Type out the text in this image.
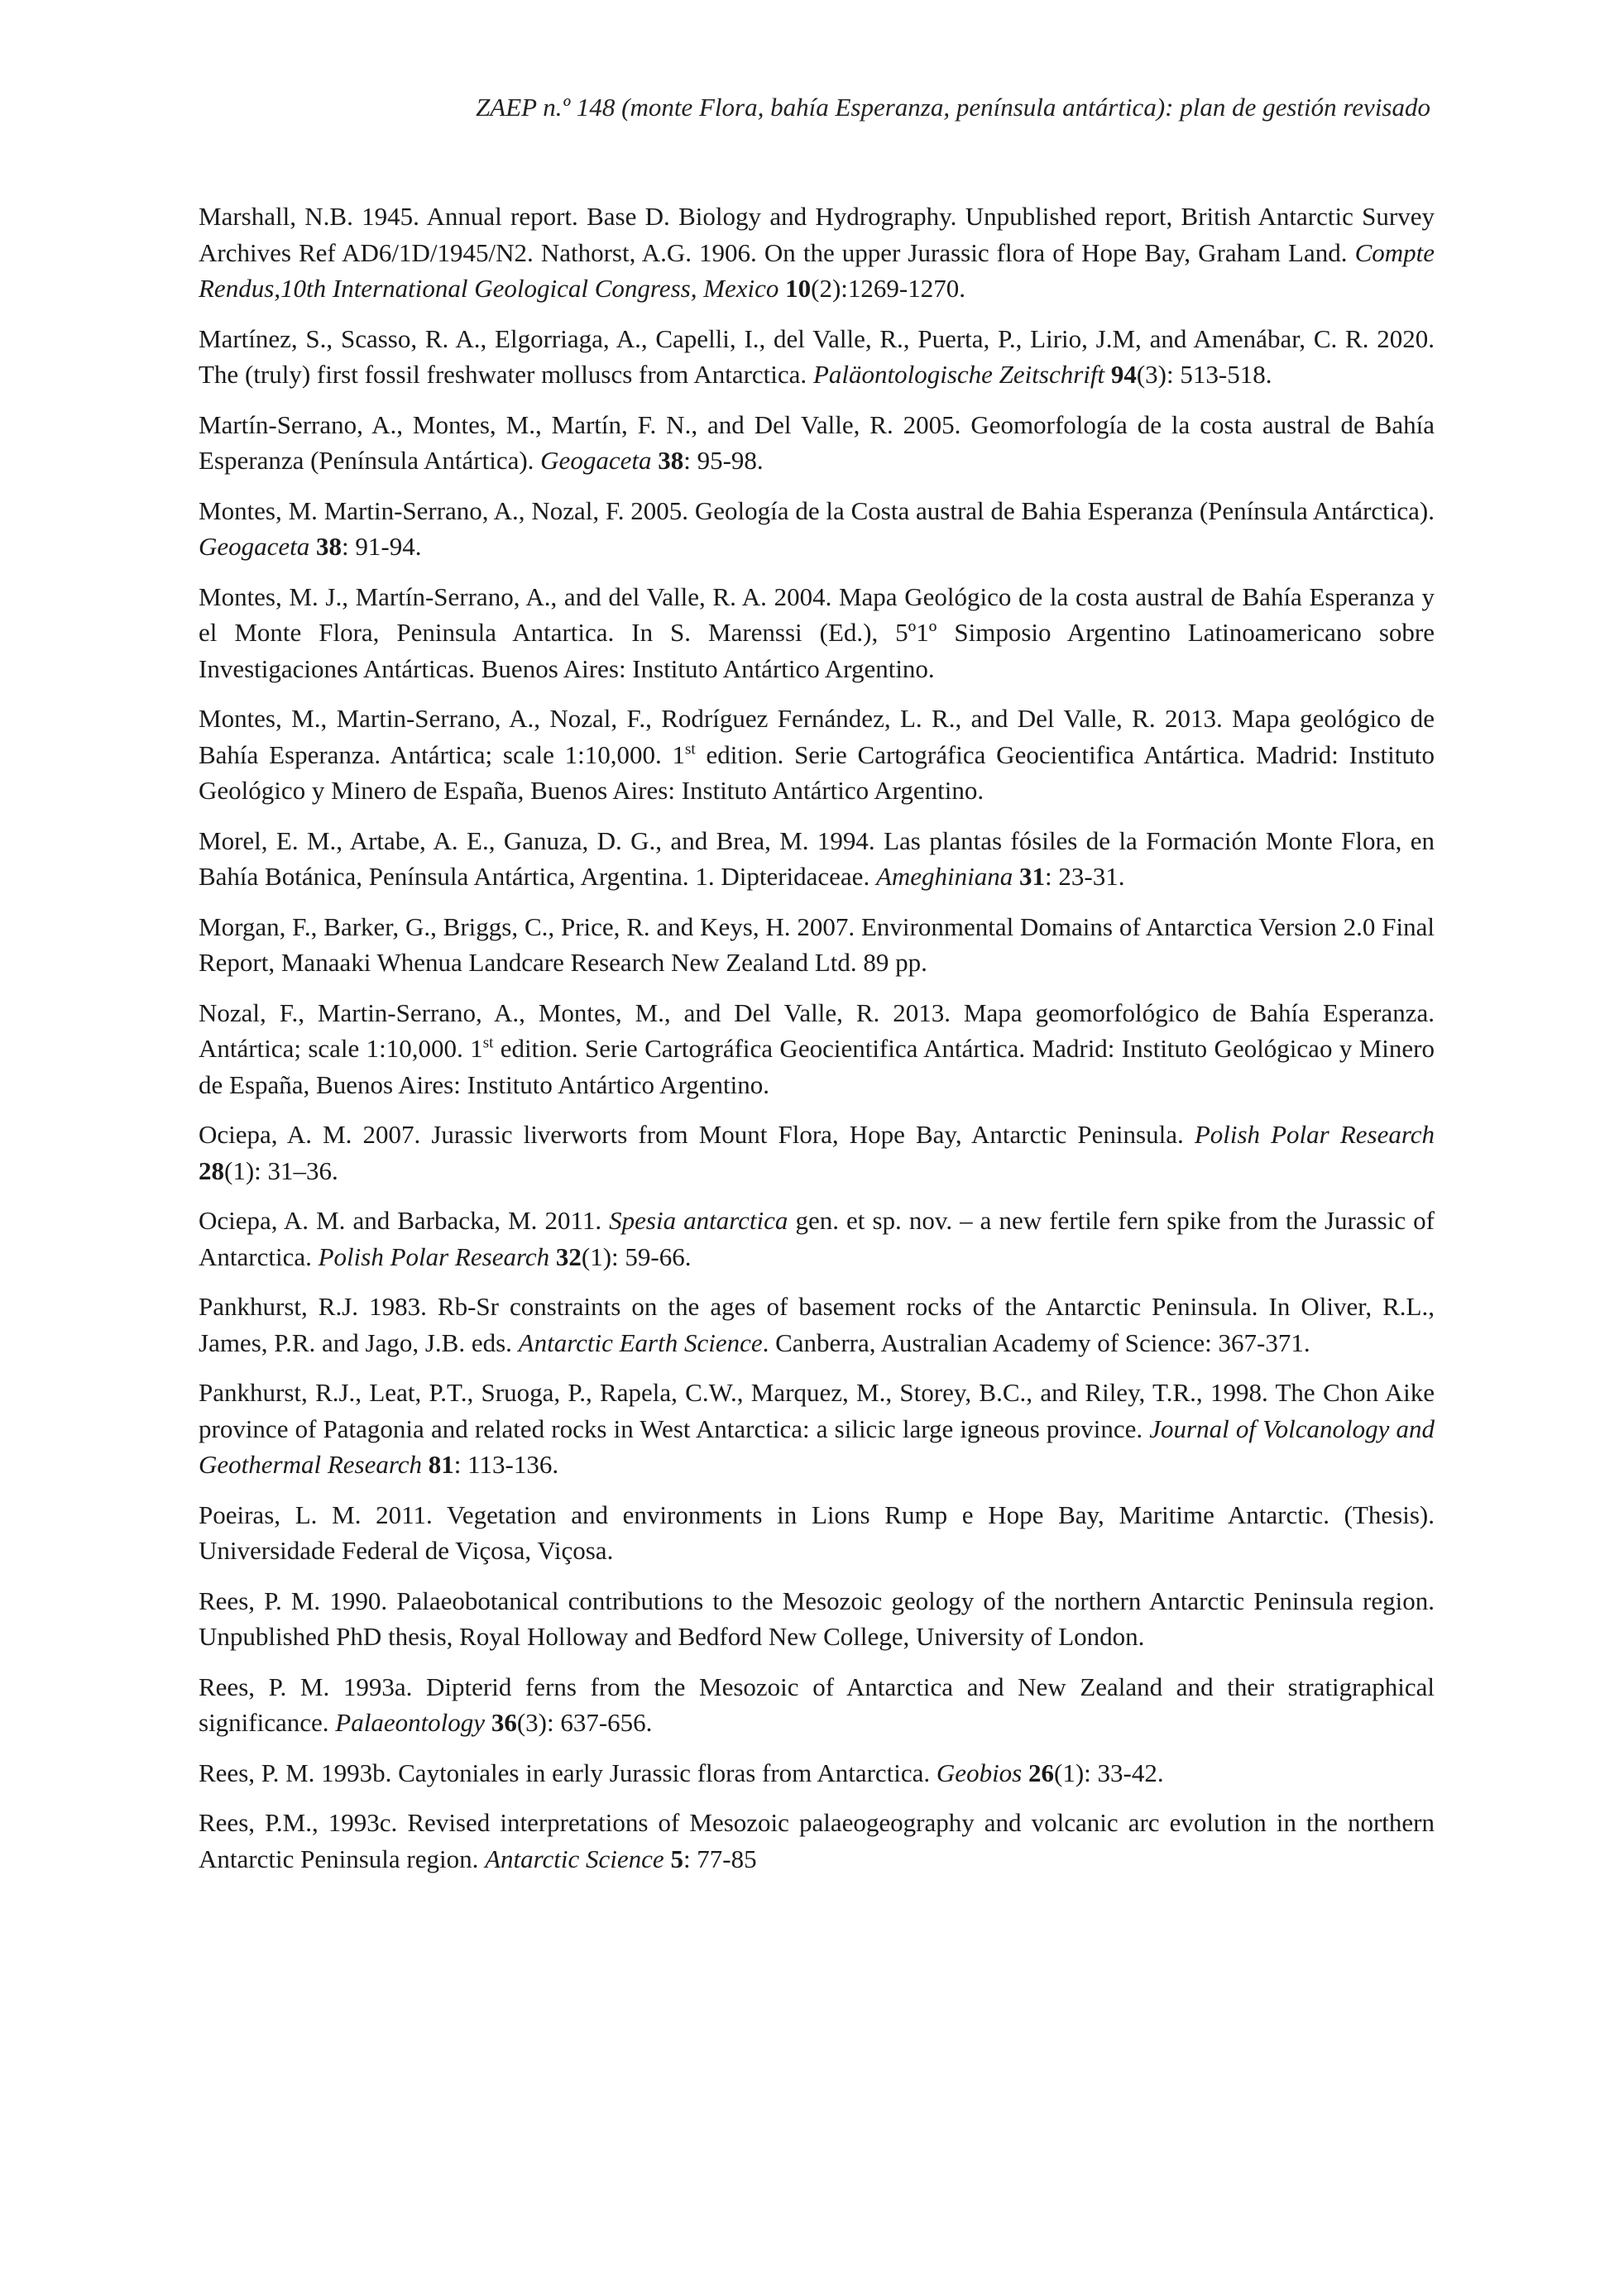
ZAEP n.º 148 (monte Flora, bahía Esperanza, península antártica): plan de gestión revisado

Marshall, N.B. 1945. Annual report. Base D. Biology and Hydrography. Unpublished report, British Antarctic Survey Archives Ref AD6/1D/1945/N2. Nathorst, A.G. 1906. On the upper Jurassic flora of Hope Bay, Graham Land. Compte Rendus,10th International Geological Congress, Mexico 10(2):1269-1270.

Martínez, S., Scasso, R. A., Elgorriaga, A., Capelli, I., del Valle, R., Puerta, P., Lirio, J.M, and Amenábar, C. R. 2020. The (truly) first fossil freshwater molluscs from Antarctica. Paläontologische Zeitschrift 94(3): 513-518.

Martín-Serrano, A., Montes, M., Martín, F. N., and Del Valle, R. 2005. Geomorfología de la costa austral de Bahía Esperanza (Península Antártica). Geogaceta 38: 95-98.

Montes, M. Martin-Serrano, A., Nozal, F. 2005. Geología de la Costa austral de Bahia Esperanza (Península Antárctica). Geogaceta 38: 91-94.

Montes, M. J., Martín-Serrano, A., and del Valle, R. A. 2004. Mapa Geológico de la costa austral de Bahía Esperanza y el Monte Flora, Peninsula Antartica. In S. Marenssi (Ed.), 5º1º Simposio Argentino Latinoamericano sobre Investigaciones Antárticas. Buenos Aires: Instituto Antártico Argentino.

Montes, M., Martin-Serrano, A., Nozal, F., Rodríguez Fernández, L. R., and Del Valle, R. 2013. Mapa geológico de Bahía Esperanza. Antártica; scale 1:10,000. 1st edition. Serie Cartográfica Geocientifica Antártica. Madrid: Instituto Geológico y Minero de España, Buenos Aires: Instituto Antártico Argentino.

Morel, E. M., Artabe, A. E., Ganuza, D. G., and Brea, M. 1994. Las plantas fósiles de la Formación Monte Flora, en Bahía Botánica, Península Antártica, Argentina. 1. Dipteridaceae. Ameghiniana 31: 23-31.

Morgan, F., Barker, G., Briggs, C., Price, R. and Keys, H. 2007. Environmental Domains of Antarctica Version 2.0 Final Report, Manaaki Whenua Landcare Research New Zealand Ltd. 89 pp.

Nozal, F., Martin-Serrano, A., Montes, M., and Del Valle, R. 2013. Mapa geomorfológico de Bahía Esperanza. Antártica; scale 1:10,000. 1st edition. Serie Cartográfica Geocientifica Antártica. Madrid: Instituto Geológicao y Minero de España, Buenos Aires: Instituto Antártico Argentino.

Ociepa, A. M. 2007. Jurassic liverworts from Mount Flora, Hope Bay, Antarctic Peninsula. Polish Polar Research 28(1): 31–36.

Ociepa, A. M. and Barbacka, M. 2011. Spesia antarctica gen. et sp. nov. – a new fertile fern spike from the Jurassic of Antarctica. Polish Polar Research 32(1): 59-66.

Pankhurst, R.J. 1983. Rb-Sr constraints on the ages of basement rocks of the Antarctic Peninsula. In Oliver, R.L., James, P.R. and Jago, J.B. eds. Antarctic Earth Science. Canberra, Australian Academy of Science: 367-371.

Pankhurst, R.J., Leat, P.T., Sruoga, P., Rapela, C.W., Marquez, M., Storey, B.C., and Riley, T.R., 1998. The Chon Aike province of Patagonia and related rocks in West Antarctica: a silicic large igneous province. Journal of Volcanology and Geothermal Research 81: 113-136.

Poeiras, L. M. 2011. Vegetation and environments in Lions Rump e Hope Bay, Maritime Antarctic. (Thesis). Universidade Federal de Viçosa, Viçosa.

Rees, P. M. 1990. Palaeobotanical contributions to the Mesozoic geology of the northern Antarctic Peninsula region. Unpublished PhD thesis, Royal Holloway and Bedford New College, University of London.

Rees, P. M. 1993a. Dipterid ferns from the Mesozoic of Antarctica and New Zealand and their stratigraphical significance. Palaeontology 36(3): 637-656.

Rees, P. M. 1993b. Caytoniales in early Jurassic floras from Antarctica. Geobios 26(1): 33-42.

Rees, P.M., 1993c. Revised interpretations of Mesozoic palaeogeography and volcanic arc evolution in the northern Antarctic Peninsula region. Antarctic Science 5: 77-85
